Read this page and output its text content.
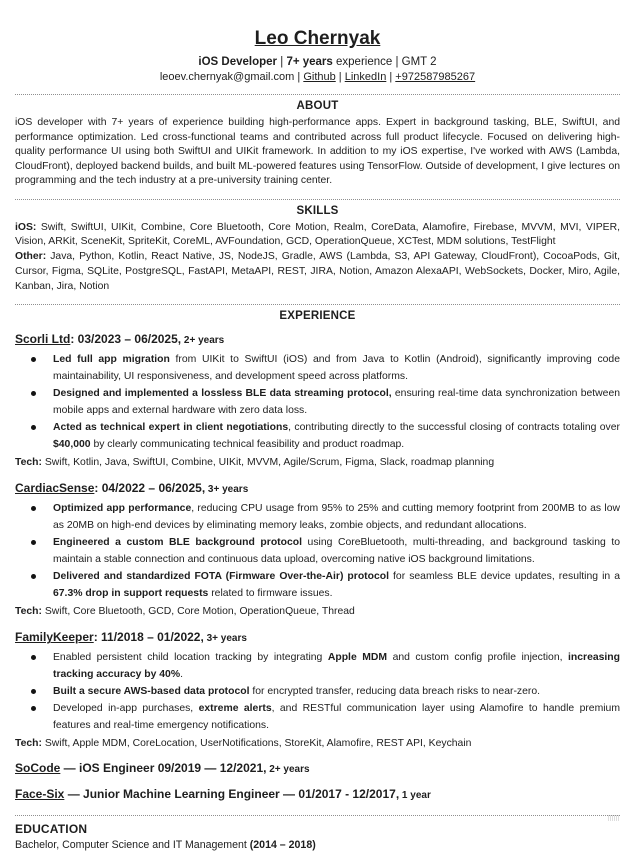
Leo Chernyak

iOS Developer | 7+ years experience | GMT 2

leoev.chernyak@gmail.com | Github | LinkedIn | +972587985267

ABOUT

iOS developer with 7+ years of experience building high-performance apps. Expert in background tasking, BLE, SwiftUI, and performance optimization. Led cross-functional teams and contributed across full product lifecycle. Focused on delivering high-quality performance UI using both SwiftUI and UIKit framework. In addition to my iOS expertise, I've worked with AWS (Lambda, CloudFront), deployed backend builds, and built ML-powered features using TensorFlow. Outside of development, I give lectures on programming and the tech industry at a pre-university training center.

SKILLS

iOS: Swift, SwiftUI, UIKit, Combine, Core Bluetooth, Core Motion, Realm, CoreData, Alamofire, Firebase, MVVM, MVI, VIPER, Vision, ARKit, SceneKit, SpriteKit, CoreML, AVFoundation, GCD, OperationQueue, XCTest, MDM solutions, TestFlight

Other: Java, Python, Kotlin, React Native, JS, NodeJS, Gradle, AWS (Lambda, S3, API Gateway, CloudFront), CocoaPods, Git, Cursor, Figma, SQLite, PostgreSQL, FastAPI, MetaAPI, REST, JIRA, Notion, Amazon AlexaAPI, WebSockets, Docker, Miro, Agile, Kanban, Jira, Notion

EXPERIENCE

Scorli Ltd: 03/2023 – 06/2025, 2+ years

Led full app migration from UIKit to SwiftUI (iOS) and from Java to Kotlin (Android), significantly improving code maintainability, UI responsiveness, and development speed across platforms.
Designed and implemented a lossless BLE data streaming protocol, ensuring real-time data synchronization between mobile apps and external hardware with zero data loss.
Acted as technical expert in client negotiations, contributing directly to the successful closing of contracts totaling over $40,000 by clearly communicating technical feasibility and product roadmap.

Tech: Swift, Kotlin, Java, SwiftUI, Combine, UIKit, MVVM, Agile/Scrum, Figma, Slack, roadmap planning

CardiacSense: 04/2022 – 06/2025, 3+ years

Optimized app performance, reducing CPU usage from 95% to 25% and cutting memory footprint from 200MB to as low as 20MB on high-end devices by eliminating memory leaks, zombie objects, and redundant allocations.
Engineered a custom BLE background protocol using CoreBluetooth, multi-threading, and background tasking to maintain a stable connection and continuous data upload, overcoming native iOS background limitations.
Delivered and standardized FOTA (Firmware Over-the-Air) protocol for seamless BLE device updates, resulting in a 67.3% drop in support requests related to firmware issues.

Tech: Swift, Core Bluetooth, GCD, Core Motion, OperationQueue, Thread

FamilyKeeper: 11/2018 – 01/2022, 3+ years

Enabled persistent child location tracking by integrating Apple MDM and custom config profile injection, increasing tracking accuracy by 40%.
Built a secure AWS-based data protocol for encrypted transfer, reducing data breach risks to near-zero.
Developed in-app purchases, extreme alerts, and RESTful communication layer using Alamofire to handle premium features and real-time emergency notifications.

Tech: Swift, Apple MDM, CoreLocation, UserNotifications, StoreKit, Alamofire, REST API, Keychain

SoCode — iOS Engineer 09/2019 — 12/2021, 2+ years

Face-Six — Junior Machine Learning Engineer — 01/2017 - 12/2017, 1 year

EDUCATION

Bachelor, Computer Science and IT Management (2014 – 2018)
